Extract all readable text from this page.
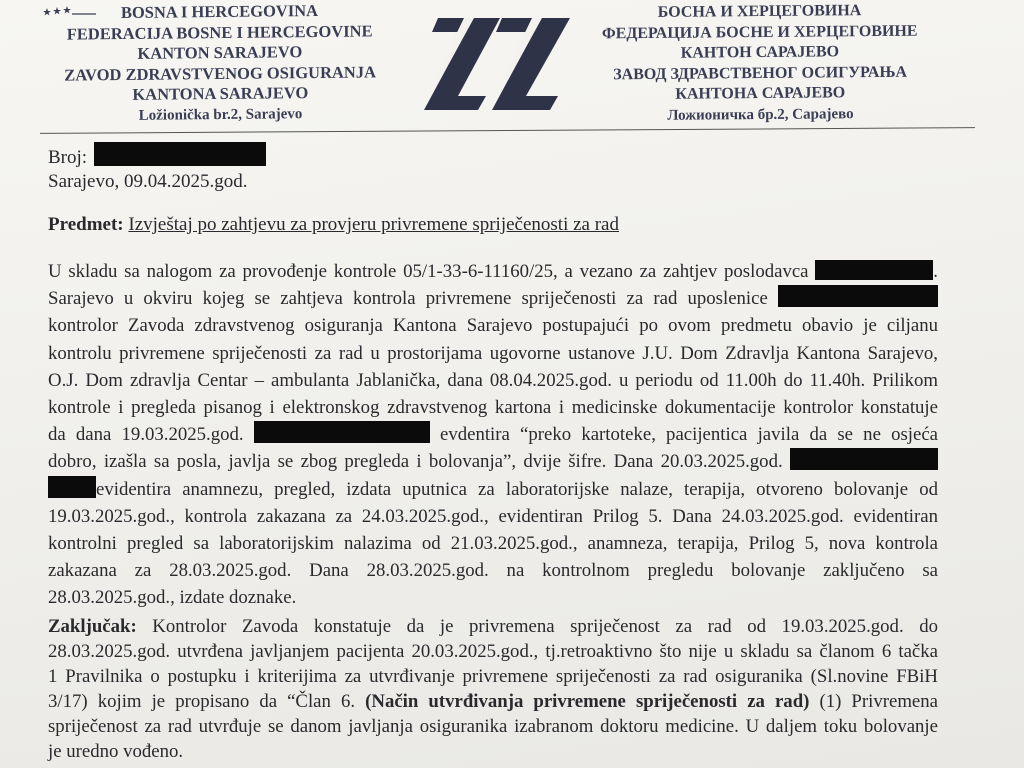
BOSNA I HERCEGOVINA
FEDERACIJA BOSNE I HERCEGOVINE
KANTON SARAJEVO
ZAVOD ZDRAVSTVENOG OSIGURANJA
KANTONA SARAJEVO
Ložionička br.2, Sarajevo
БОСНА И ХЕРЦЕГОВИНА
ФЕДЕРАЦИЈА БОСНЕ И ХЕРЦЕГОВИНЕ
КАНТОН САРАЈЕВО
ЗАВОД ЗДРАВСТВЕНОГ ОСИГУРАЊА
КАНТОНА САРАЈЕВО
Ложионичка бр.2, Сарајево
Broj:
Sarajevo, 09.04.2025.god.
Predmet: Izvještaj po zahtjevu za provjeru privremene spriječenosti za rad
U skladu sa nalogom za provođenje kontrole 05/1-33-6-11160/25, a vezano za zahtjev poslodavca	.
Sarajevo u okviru kojeg se zahtjeva kontrola privremene spriječenosti za rad uposlenice
kontrolor Zavoda zdravstvenog osiguranja Kantona Sarajevo postupajući po ovom predmetu obavio je ciljanu
kontrolu privremene spriječenosti za rad u prostorijama ugovorne ustanove J.U. Dom Zdravlja Kantona Sarajevo,
O.J. Dom zdravlja Centar – ambulanta Jablanička, dana 08.04.2025.god. u periodu od 11.00h do 11.40h. Prilikom
kontrole i pregleda pisanog i elektronskog zdravstvenog kartona i medicinske dokumentacije kontrolor konstatuje
da dana 19.03.2025.god.	evdentira “preko kartoteke, pacijentica javila da se ne osjeća
dobro, izašla sa posla, javlja se zbog pregleda i bolovanja”, dvije šifre. Dana 20.03.2025.god.
evidentira anamnezu, pregled, izdata uputnica za laboratorijske nalaze, terapija, otvoreno bolovanje od
19.03.2025.god., kontrola zakazana za 24.03.2025.god., evidentiran Prilog 5. Dana 24.03.2025.god. evidentiran
kontrolni pregled sa laboratorijskim nalazima od 21.03.2025.god., anamneza, terapija, Prilog 5, nova kontrola
zakazana za 28.03.2025.god. Dana 28.03.2025.god. na kontrolnom pregledu bolovanje zaključeno sa
28.03.2025.god., izdate doznake.
Zaključak: Kontrolor Zavoda konstatuje da je privremena spriječenost za rad od 19.03.2025.god. do
28.03.2025.god. utvrđena javljanjem pacijenta 20.03.2025.god., tj.retroaktivno što nije u skladu sa članom 6 tačka
1 Pravilnika o postupku i kriterijima za utvrđivanje privremene spriječenosti za rad osiguranika (Sl.novine FBiH
3/17) kojim je propisano da “Član 6. (Način utvrđivanja privremene spriječenosti za rad) (1) Privremena
spriječenost za rad utvrđuje se danom javljanja osiguranika izabranom doktoru medicine. U daljem toku bolovanje
je uredno vođeno.
